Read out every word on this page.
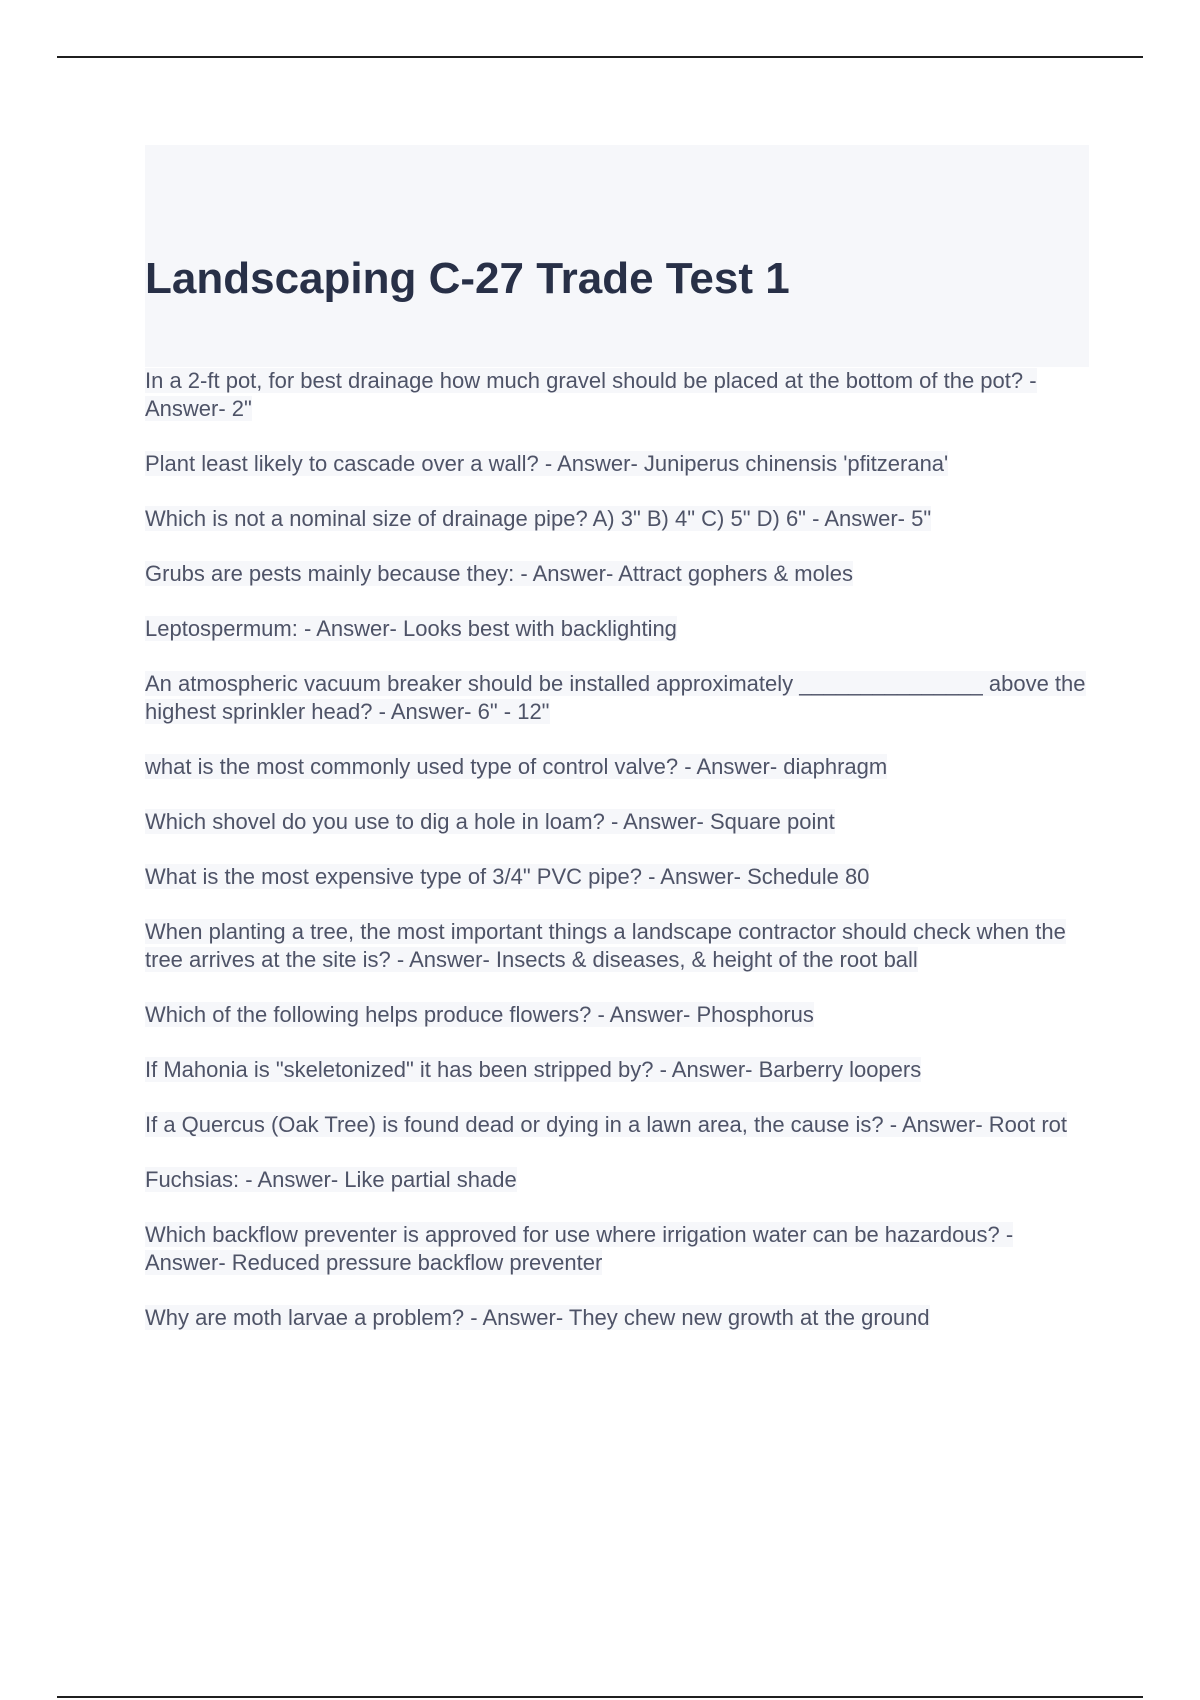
Landscaping C-27 Trade Test 1
In a 2-ft pot, for best drainage how much gravel should be placed at the bottom of the pot? - Answer- 2"
Plant least likely to cascade over a wall? - Answer- Juniperus chinensis 'pfitzerana'
Which is not a nominal size of drainage pipe? A) 3" B) 4" C) 5" D) 6" - Answer- 5"
Grubs are pests mainly because they: - Answer- Attract gophers & moles
Leptospermum: - Answer- Looks best with backlighting
An atmospheric vacuum breaker should be installed approximately _______________ above the highest sprinkler head? - Answer- 6" - 12"
what is the most commonly used type of control valve? - Answer- diaphragm
Which shovel do you use to dig a hole in loam? - Answer- Square point
What is the most expensive type of 3/4" PVC pipe? - Answer- Schedule 80
When planting a tree, the most important things a landscape contractor should check when the tree arrives at the site is? - Answer- Insects & diseases, & height of the root ball
Which of the following helps produce flowers? - Answer- Phosphorus
If Mahonia is "skeletonized" it has been stripped by? - Answer- Barberry loopers
If a Quercus (Oak Tree) is found dead or dying in a lawn area, the cause is? - Answer- Root rot
Fuchsias: - Answer- Like partial shade
Which backflow preventer is approved for use where irrigation water can be hazardous? - Answer- Reduced pressure backflow preventer
Why are moth larvae a problem? - Answer- They chew new growth at the ground
